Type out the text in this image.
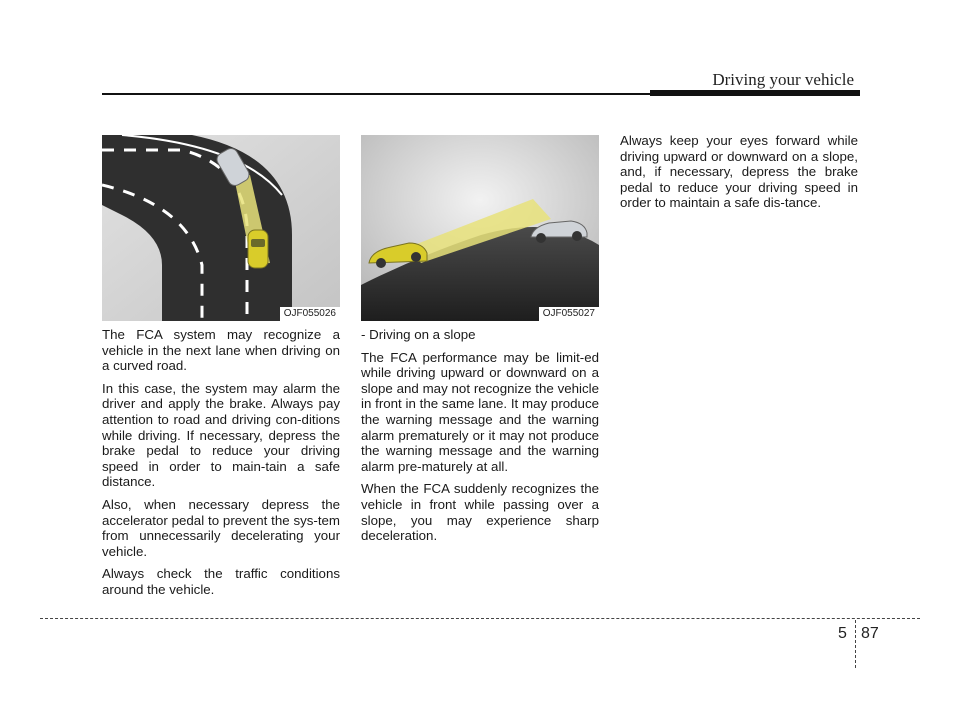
Driving your vehicle
OJF055026	OJF055027

The FCA system may recognize a vehicle in the next lane when driving on a curved road.

In this case, the system may alarm the driver and apply the brake. Always pay attention to road and driving con-ditions while driving. If necessary, depress the brake pedal to reduce your driving speed in order to main-tain a safe distance.

Also, when necessary depress the accelerator pedal to prevent the sys-tem from unnecessarily decelerating your vehicle.

Always check the traffic conditions around the vehicle.

- Driving on a slope

The FCA performance may be limit-ed while driving upward or downward on a slope and may not recognize the vehicle in front in the same lane. It may produce the warning message and the warning alarm prematurely or it may not produce the warning message and the warning alarm pre-maturely at all.

When the FCA suddenly recognizes the vehicle in front while passing over a slope, you may experience sharp deceleration.

Always keep your eyes forward while driving upward or downward on a slope, and, if necessary, depress the brake pedal to reduce your driving speed in order to maintain a safe dis-tance.

5 87
